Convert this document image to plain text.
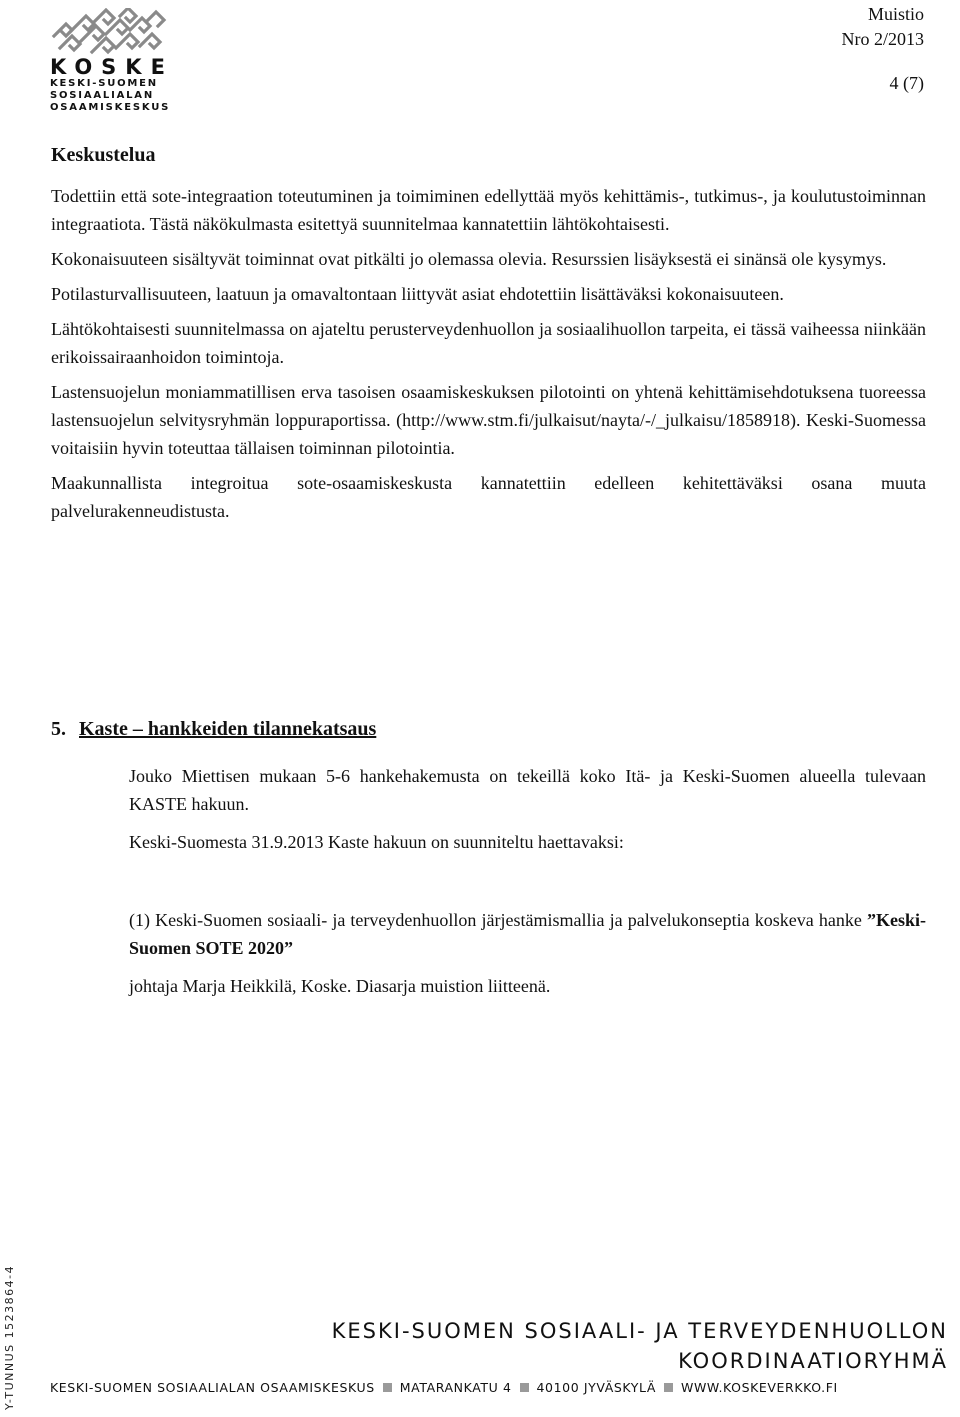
KOSKE
KESKI-SUOMEN
SOSIAALIALAN
OSAAMISKESKUS
Muistio
Nro 2/2013
4 (7)
Keskustelua

Todettiin että sote-integraation toteutuminen ja toimiminen edellyttää myös kehittämis-, tutkimus-, ja koulutustoiminnan integraatiota. Tästä näkökulmasta esitettyä suunnitelmaa kannatettiin lähtökohtaisesti.

Kokonaisuuteen sisältyvät toiminnat ovat pitkälti jo olemassa olevia. Resurssien lisäyksestä ei sinänsä ole kysymys.

Potilasturvallisuuteen, laatuun ja omavaltontaan liittyvät asiat ehdotettiin lisättäväksi kokonaisuuteen.

Lähtökohtaisesti suunnitelmassa on ajateltu perusterveydenhuollon ja sosiaalihuollon tarpeita, ei tässä vaiheessa niinkään erikoissairaanhoidon toimintoja.

Lastensuojelun moniammatillisen erva tasoisen osaamiskeskuksen pilotointi on yhtenä kehittämisehdotuksena tuoreessa lastensuojelun selvitysryhmän loppuraportissa. (http://www.stm.fi/julkaisut/nayta/-/_julkaisu/1858918). Keski-Suomessa voitaisiin hyvin toteuttaa tällaisen toiminnan pilotointia.

Maakunnallista integroitua sote-osaamiskeskusta kannatettiin edelleen kehitettäväksi osana muuta palvelurakenneudistusta.

5. Kaste – hankkeiden tilannekatsaus

Jouko Miettisen mukaan 5-6 hankehakemusta on tekeillä koko Itä- ja Keski-Suomen alueella tulevaan KASTE hakuun.

Keski-Suomesta 31.9.2013 Kaste hakuun on suunniteltu haettavaksi:

(1) Keski-Suomen sosiaali- ja terveydenhuollon järjestämismallia ja palvelukonseptia koskeva hanke ”Keski-Suomen SOTE 2020”

johtaja Marja Heikkilä, Koske. Diasarja muistion liitteenä.

Y-TUNNUS 1523864-4	KESKI-SUOMEN SOSIAALI- JA TERVEYDENHUOLLON KOORDINAATIORYHMÄ
KESKI-SUOMEN SOSIAALIALAN OSAAMISKESKUS MATARANKATU 4 40100 JYVÄSKYLÄ WWW.KOSKEVERKKO.FI
